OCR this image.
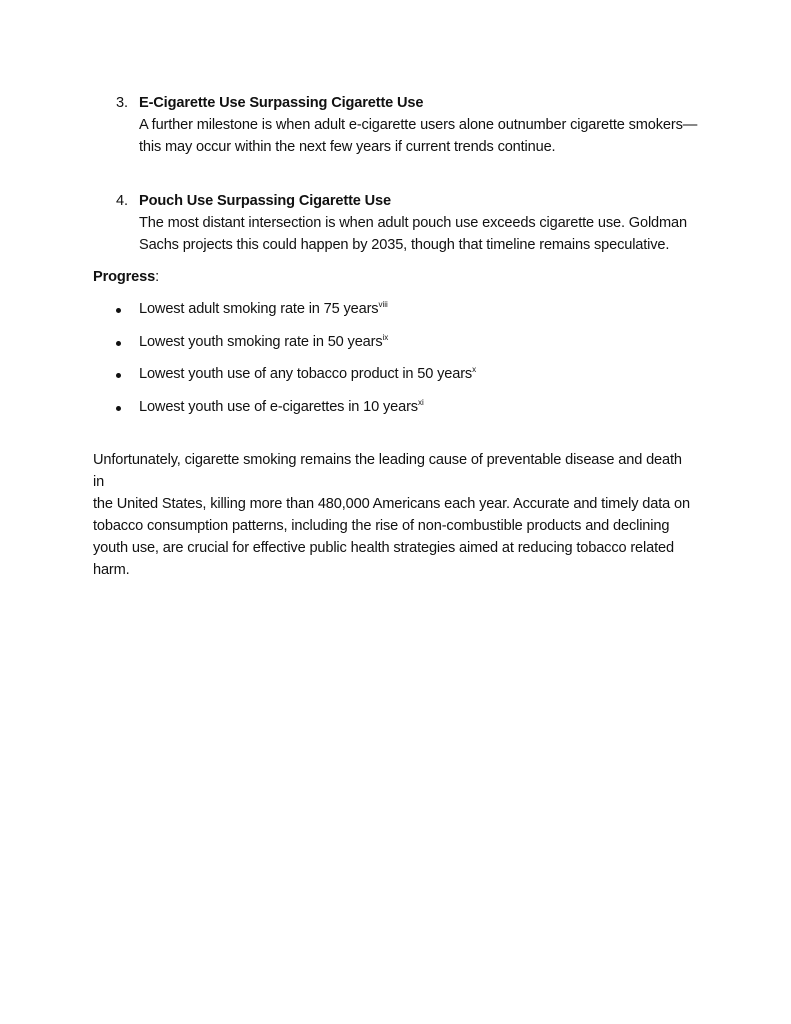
3. E-Cigarette Use Surpassing Cigarette Use
A further milestone is when adult e-cigarette users alone outnumber cigarette smokers—
this may occur within the next few years if current trends continue.
4. Pouch Use Surpassing Cigarette Use
The most distant intersection is when adult pouch use exceeds cigarette use. Goldman
Sachs projects this could happen by 2035, though that timeline remains speculative.
Progress:
Lowest adult smoking rate in 75 years$^{viii}$
Lowest youth smoking rate in 50 years$^{ix}$
Lowest youth use of any tobacco product in 50 years$^x$
Lowest youth use of e-cigarettes in 10 years$^{xi}$
Unfortunately, cigarette smoking remains the leading cause of preventable disease and death in
the United States, killing more than 480,000 Americans each year. Accurate and timely data on
tobacco consumption patterns, including the rise of non-combustible products and declining
youth use, are crucial for effective public health strategies aimed at reducing tobacco related
harm.
